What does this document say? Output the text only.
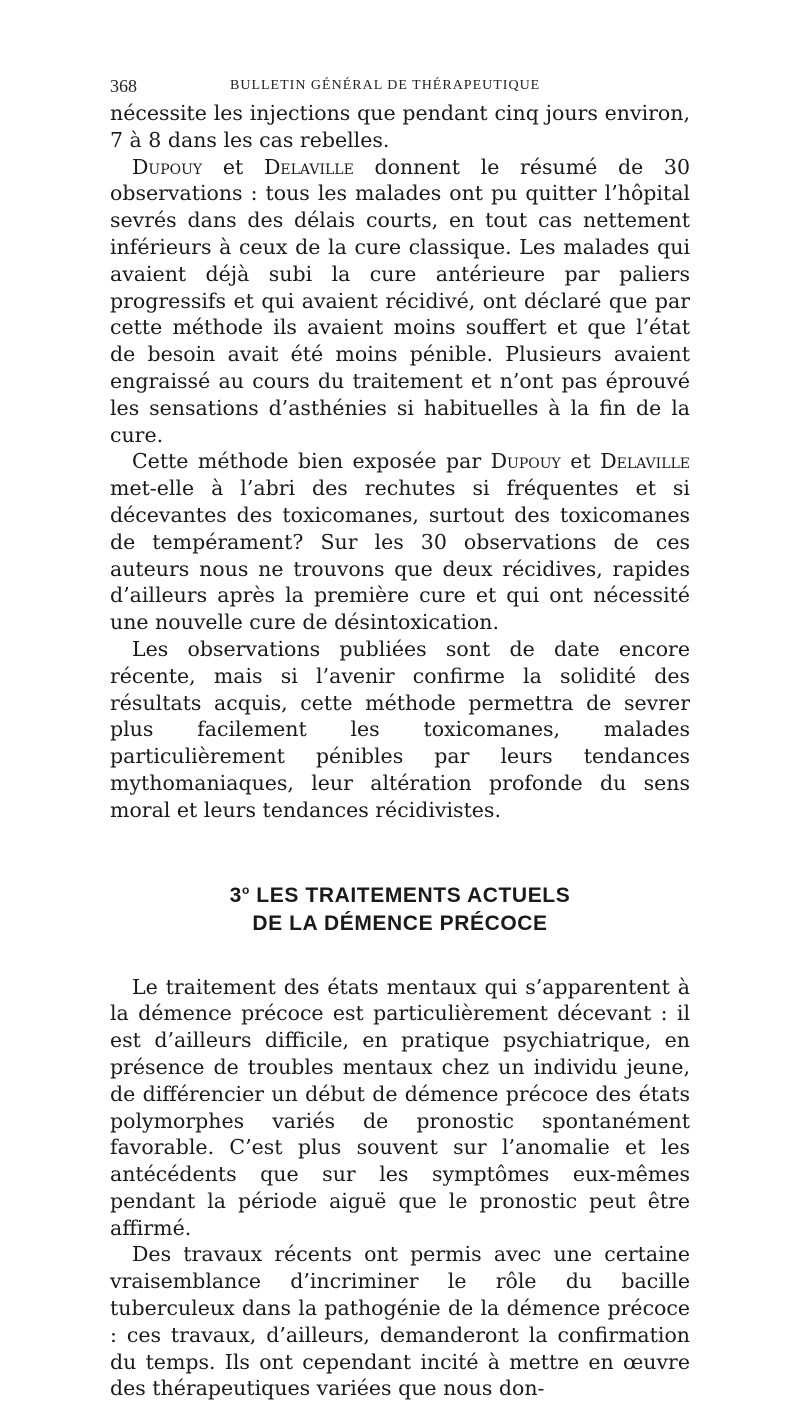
368	BULLETIN GÉNÉRAL DE THÉRAPEUTIQUE

nécessite les injections que pendant cinq jours environ, 7 à 8 dans les cas rebelles.

Dupouy et Delaville donnent le résumé de 30 observations : tous les malades ont pu quitter l’hôpital sevrés dans des délais courts, en tout cas nettement inférieurs à ceux de la cure classique. Les malades qui avaient déjà subi la cure antérieure par paliers progressifs et qui avaient récidivé, ont déclaré que par cette méthode ils avaient moins souffert et que l’état de besoin avait été moins pénible. Plusieurs avaient engraissé au cours du traitement et n’ont pas éprouvé les sensations d’asthénies si habituelles à la fin de la cure.

Cette méthode bien exposée par Dupouy et Delaville met-elle à l’abri des rechutes si fréquentes et si décevantes des toxicomanes, surtout des toxicomanes de tempérament? Sur les 30 observations de ces auteurs nous ne trouvons que deux récidives, rapides d’ailleurs après la première cure et qui ont nécessité une nouvelle cure de désintoxication.

Les observations publiées sont de date encore récente, mais si l’avenir confirme la solidité des résultats acquis, cette méthode permettra de sevrer plus facilement les toxicomanes, malades particulièrement pénibles par leurs tendances mythomaniaques, leur altération profonde du sens moral et leurs tendances récidivistes.

3$^o$ LES TRAITEMENTS ACTUELS
DE LA DÉMENCE PRÉCOCE

Le traitement des états mentaux qui s’apparentent à la démence précoce est particulièrement décevant : il est d’ailleurs difficile, en pratique psychiatrique, en présence de troubles mentaux chez un individu jeune, de différencier un début de démence précoce des états polymorphes variés de pronostic spontanément favorable. C’est plus souvent sur l’anomalie et les antécédents que sur les symptômes eux-mêmes pendant la période aiguë que le pronostic peut être affirmé.

Des travaux récents ont permis avec une certaine vraisemblance d’incriminer le rôle du bacille tuberculeux dans la pathogénie de la démence précoce : ces travaux, d’ailleurs, demanderont la confirmation du temps. Ils ont cependant incité à mettre en œuvre des thérapeutiques variées que nous don-
